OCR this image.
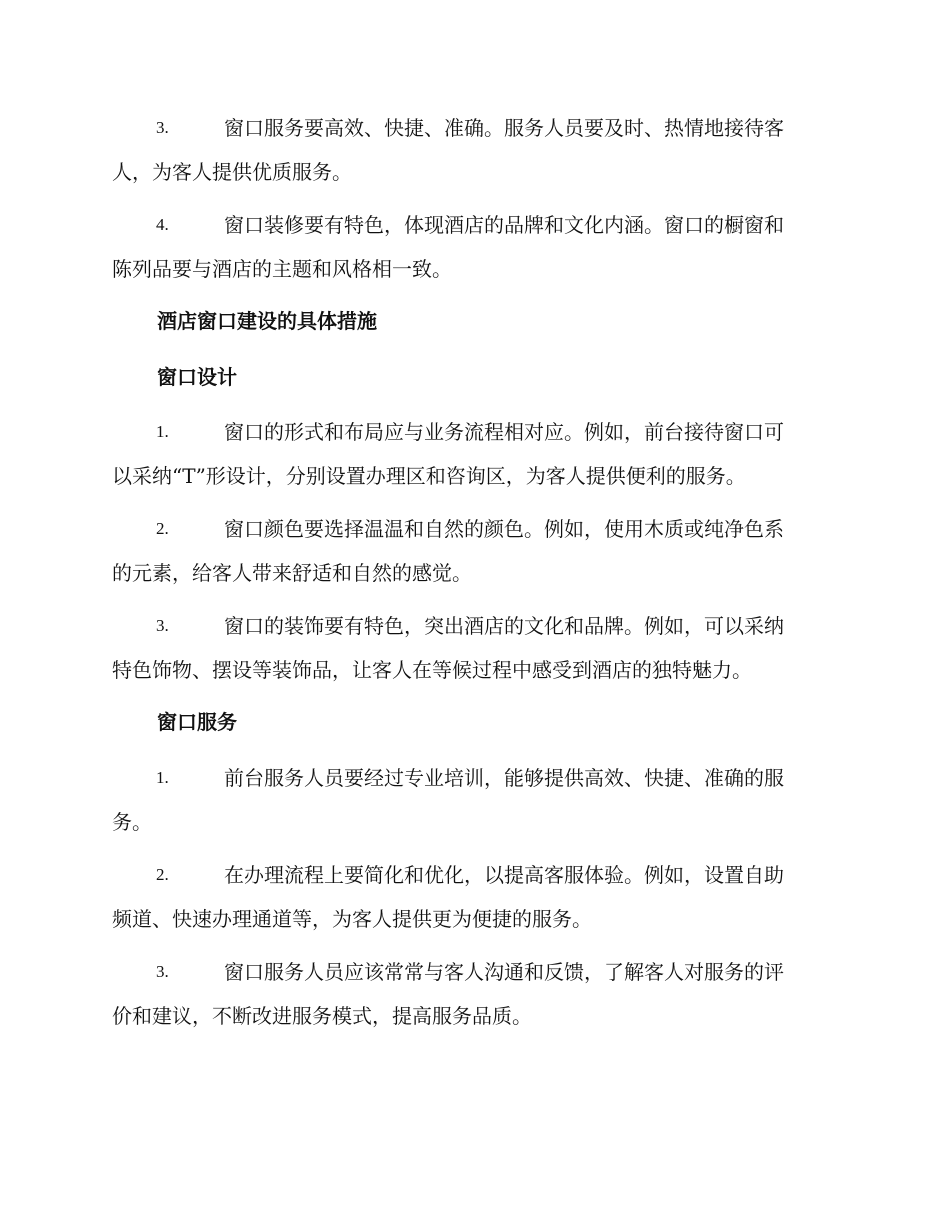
3.	窗口服务要高效、快捷、准确。服务人员要及时、热情地接待客

人，为客人提供优质服务。

4.	窗口装修要有特色，体现酒店的品牌和文化内涵。窗口的橱窗和

陈列品要与酒店的主题和风格相一致。

酒店窗口建设的具体措施

窗口设计

1.	窗口的形式和布局应与业务流程相对应。例如，前台接待窗口可

以采纳“T”形设计，分别设置办理区和咨询区，为客人提供便利的服务。

2.	窗口颜色要选择温温和自然的颜色。例如，使用木质或纯净色系

的元素，给客人带来舒适和自然的感觉。

3.	窗口的装饰要有特色，突出酒店的文化和品牌。例如，可以采纳

特色饰物、摆设等装饰品，让客人在等候过程中感受到酒店的独特魅力。

窗口服务

1.	前台服务人员要经过专业培训，能够提供高效、快捷、准确的服

务。

2.	在办理流程上要简化和优化，以提高客服体验。例如，设置自助

频道、快速办理通道等，为客人提供更为便捷的服务。

3.	窗口服务人员应该常常与客人沟通和反馈，了解客人对服务的评

价和建议，不断改进服务模式，提高服务品质。
